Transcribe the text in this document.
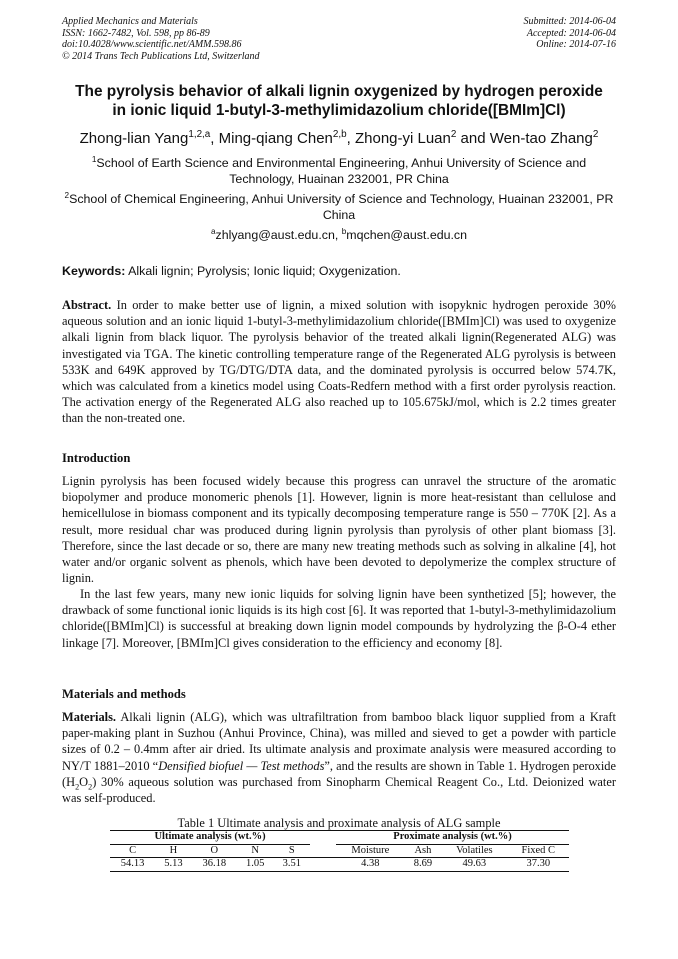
Applied Mechanics and Materials
ISSN: 1662-7482, Vol. 598, pp 86-89
doi:10.4028/www.scientific.net/AMM.598.86
© 2014 Trans Tech Publications Ltd, Switzerland
Submitted: 2014-06-04
Accepted: 2014-06-04
Online: 2014-07-16
The pyrolysis behavior of alkali lignin oxygenized by hydrogen peroxide
in ionic liquid 1-butyl-3-methylimidazolium chloride([BMIm]Cl)
Zhong-lian Yang$^{1,2,a}$, Ming-qiang Chen$^{2,b}$, Zhong-yi Luan$^2$ and Wen-tao Zhang$^2$
$^1$School of Earth Science and Environmental Engineering, Anhui University of Science and Technology, Huainan 232001, PR China
$^2$School of Chemical Engineering, Anhui University of Science and Technology, Huainan 232001, PR China
$^a$zhlyang@aust.edu.cn, $^b$mqchen@aust.edu.cn
Keywords: Alkali lignin; Pyrolysis; Ionic liquid; Oxygenization.
Abstract. In order to make better use of lignin, a mixed solution with isopyknic hydrogen peroxide 30% aqueous solution and an ionic liquid 1-butyl-3-methylimidazolium chloride([BMIm]Cl) was used to oxygenize alkali lignin from black liquor. The pyrolysis behavior of the treated alkali lignin(Regenerated ALG) was investigated via TGA. The kinetic controlling temperature range of the Regenerated ALG pyrolysis is between 533K and 649K approved by TG/DTG/DTA data, and the dominated pyrolysis is occurred below 574.7K, which was calculated from a kinetics model using Coats-Redfern method with a first order pyrolysis reaction. The activation energy of the Regenerated ALG also reached up to 105.675kJ/mol, which is 2.2 times greater than the non-treated one.
Introduction
Lignin pyrolysis has been focused widely because this progress can unravel the structure of the aromatic biopolymer and produce monomeric phenols [1]. However, lignin is more heat-resistant than cellulose and hemicellulose in biomass component and its typically decomposing temperature range is 550 – 770K [2]. As a result, more residual char was produced during lignin pyrolysis than pyrolysis of other plant biomass [3]. Therefore, since the last decade or so, there are many new treating methods such as solving in alkaline [4], hot water and/or organic solvent as phenols, which have been devoted to depolymerize the complex structure of lignin.
In the last few years, many new ionic liquids for solving lignin have been synthetized [5]; however, the drawback of some functional ionic liquids is its high cost [6]. It was reported that 1-butyl-3-methylimidazolium chloride([BMIm]Cl) is successful at breaking down lignin model compounds by hydrolyzing the β-O-4 ether linkage [7]. Moreover, [BMIm]Cl gives consideration to the efficiency and economy [8].
Materials and methods
Materials. Alkali lignin (ALG), which was ultrafiltration from bamboo black liquor supplied from a Kraft paper-making plant in Suzhou (Anhui Province, China), was milled and sieved to get a powder with particle sizes of 0.2 – 0.4mm after air dried. Its ultimate analysis and proximate analysis were measured according to NY/T 1881–2010 “Densified biofuel — Test methods”, and the results are shown in Table 1. Hydrogen peroxide $(H_2O_2)$ 30% aqueous solution was purchased from Sinopharm Chemical Reagent Co., Ltd. Deionized water was self-produced.
Table 1 Ultimate analysis and proximate analysis of ALG sample
Ultimate analysis (wt.%)						Proximate analysis (wt.%)			
C	H	O	N	S		Moisture	Ash	Volatiles	Fixed C
54.13	5.13	36.18	1.05	3.51		4.38	8.69	49.63	37.30
